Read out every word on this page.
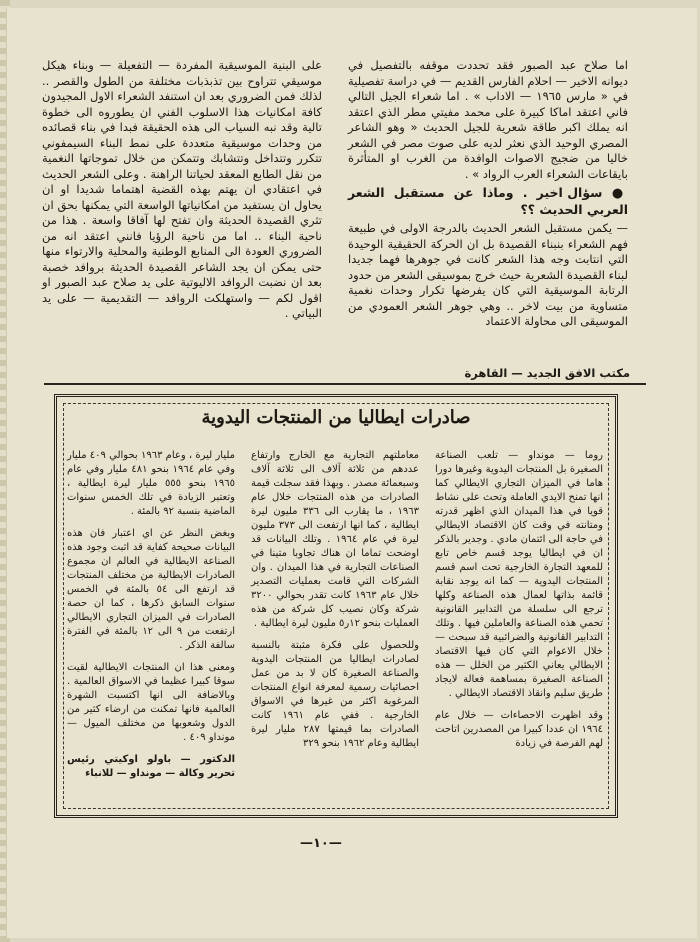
اما صلاح عبد الصبور فقد تحددت موقفه بالتفصيل في ديوانه الاخير — احلام الفارس القديم — في دراسة تفصيلية في « مارس ١٩٦٥ — الاداب » . اما شعراء الجيل التالي فاني اعتقد اماكا كبيرة على محمد مفيتي مطر الذي اعتقد انه يملك اكبر طاقة شعرية للجيل الحديث « وهو الشاعر المصري الوحيد الذي نعثر لديه على صوت مصر في الشعر خاليا من ضجيج الاصوات الوافدة من الغرب او المتأثرة بايقاعات الشعراء العرب الرواد » .

● سؤال اخير . وماذا عن مستقبل الشعر العربي الحديث ؟؟

— يكمن مستقبل الشعر الحديث بالدرجة الاولى في طبيعة فهم الشعراء بنبناء القصيدة بل ان الحركة الحقيقية الوحيدة التي انتابت وجه هذا الشعر كانت في جوهرها فهما جديدا لبناء القصيدة الشعرية حيث خرج بموسيقى الشعر من حدود الرتابة الموسيقية التي كان يفرضها تكرار وحدات نغمية متساوية من بيت لاخر .. وهي جوهر الشعر العمودي من الموسيقى الى محاولة الاعتماد

على البنية الموسيقية المفردة — التفعيلة — وبناء هيكل موسيقي تتراوح بين تذبذبات مختلفة من الطول والقصر .. لذلك فمن الضروري بعد ان استنفد الشعراء الاول المجيدون كافة امكانيات هذا الاسلوب الفني ان يطوروه الى خطوة تالية وقد نبه السياب الى هذه الحقيقة فبدا في بناء قصائده من وحدات موسيقية متعددة على نمط البناء السيمفوني تتكرر وتتداخل وتتشابك وتتمكن من خلال تموجاتها النغمية من نقل الطابع المعقد لحياتنا الراهنة . وعلى الشعر الحديث في اعتقادي ان يهتم بهذه القضية اهتماما شديدا او ان يحاول ان يستفيد من امكانياتها الواسعة التي يمكنها بحق ان تثري القصيدة الحديثة وان تفتح لها آفاقا واسعة . هذا من ناحية البناء .. اما من ناحية الرؤيا فانني اعتقد انه من الضروري العودة الى المنابع الوطنية والمحلية والارتواء منها حتى يمكن ان يجد الشاعر القصيدة الحديثة بروافد خصبة بعد ان نضبت الروافد الاليوتية على يد صلاح عبد الصبور او اقول لكم — واستهلكت الروافد — التقديمية — على يد البياتي .

مكتب الافق الجديد — القاهرة
صادرات ايطاليا من المنتجات اليدوية

روما — مونداو — تلعب الصناعة الصغيرة بل المنتجات اليدوية وغيرها دورا هاما في الميزان التجاري الايطالي كما انها تمنح الايدي العاملة وتحث على نشاط قويا في هذا الميدان الذي اظهر قدرته ومتانته في وقت كان الاقتصاد الايطالي في حاجة الى ائتمان مادي . وجدير بالذكر ان في ايطاليا يوجد قسم خاص تابع للمعهد التجارة الخارجية تحت اسم قسم المنتجات اليدوية — كما انه يوجد نقابة قائمة بذاتها لعمال هذه الصناعة وكلها ترجع الى سلسلة من التدابير القانونية تحمي هذه الصناعة والعاملين فيها . وتلك التدابير القانونية والضرائبية قد سبحت — خلال الاعوام التي كان فيها الاقتصاد الايطالي يعاني الكثير من الخلل — هذه الصناعة الصغيرة بمساهمة فعالة لايجاد طريق سليم وانقاذ الاقتصاد الايطالي .

وقد اظهرت الاحصاءات — خلال عام ١٩٦٤ ان عددا كبيرا من المصدرين اتاحت لهم الفرصة في زيادة

معاملتهم التجارية مع الخارج وارتفاع عددهم من ثلاثة آلاف الى ثلاثة آلاف وسبعمائة مصدر . وبهذا فقد سجلت قيمة الصادرات من هذه المنتجات خلال عام ١٩٦٣ ، ما يقارب الى ٣٣٦ مليون ليرة ايطالية ، كما انها ارتفعت الى ٣٧٣ مليون ليرة في عام ١٩٦٤ . وتلك البيانات قد اوضحت تماما ان هناك تجاوبا متينا في الصناعات التجارية في هذا الميدان . وان الشركات التي قامت بعمليات التصدير خلال عام ١٩٦٣ كانت تقدر بحوالي ٣٢٠٠ شركة وكان نصيب كل شركة من هذه العمليات بنحو ١٢ر٥ مليون ليرة ايطالية .

وللحصول على فكرة مثبتة بالنسبة لصادرات ايطاليا من المنتجات اليدوية والصناعة الصغيرة كان لا بد من عمل احصائيات رسمية لمعرفة انواع المنتجات المرغوبة اكثر من غيرها في الاسواق الخارجية . ففي عام ١٩٦١ كانت الصادرات بما قيمتها ٢٨٧ مليار ليرة ايطالية وعام ١٩٦٢ بنحو ٣٢٩

مليار ليرة ، وعام ١٩٦٣ بحوالي ٤٠٩ مليار وفي عام ١٩٦٤ بنحو ٤٨١ مليار وفي عام ١٩٦٥ بنحو ٥٥٥ مليار ليرة ايطالية ، وتعتبر الزيادة في تلك الخمس سنوات الماضية بنسبة ٩٢ بالمئة .

وبغض النظر عن اي اعتبار فان هذه البيانات صحيحة كفاية قد اثبت وجود هذه الصناعة الايطالية في العالم ان مجموع الصادرات الايطالية من مختلف المنتجات قد ارتفع الى ٥٤ بالمئة في الخمس سنوات السابق ذكرها ، كما ان حصة الصادرات في الميزان التجاري الايطالي ارتفعت من ٩ الى ١٢ بالمئة في الفترة سالفة الذكر .

ومعنى هذا ان المنتجات الايطالية لقيت سوقا كبيرا عظيما في الاسواق العالمية . وبالاضافة الى انها اكتسبت الشهرة العالمية فانها تمكنت من ارضاء كثير من الدول وشعوبها من مختلف الميول — مونداو ٤٠٩ .

الدكتور — باولو اوكيتي رئيس تحرير وكالة — مونداو — للانباء

—١٠—
